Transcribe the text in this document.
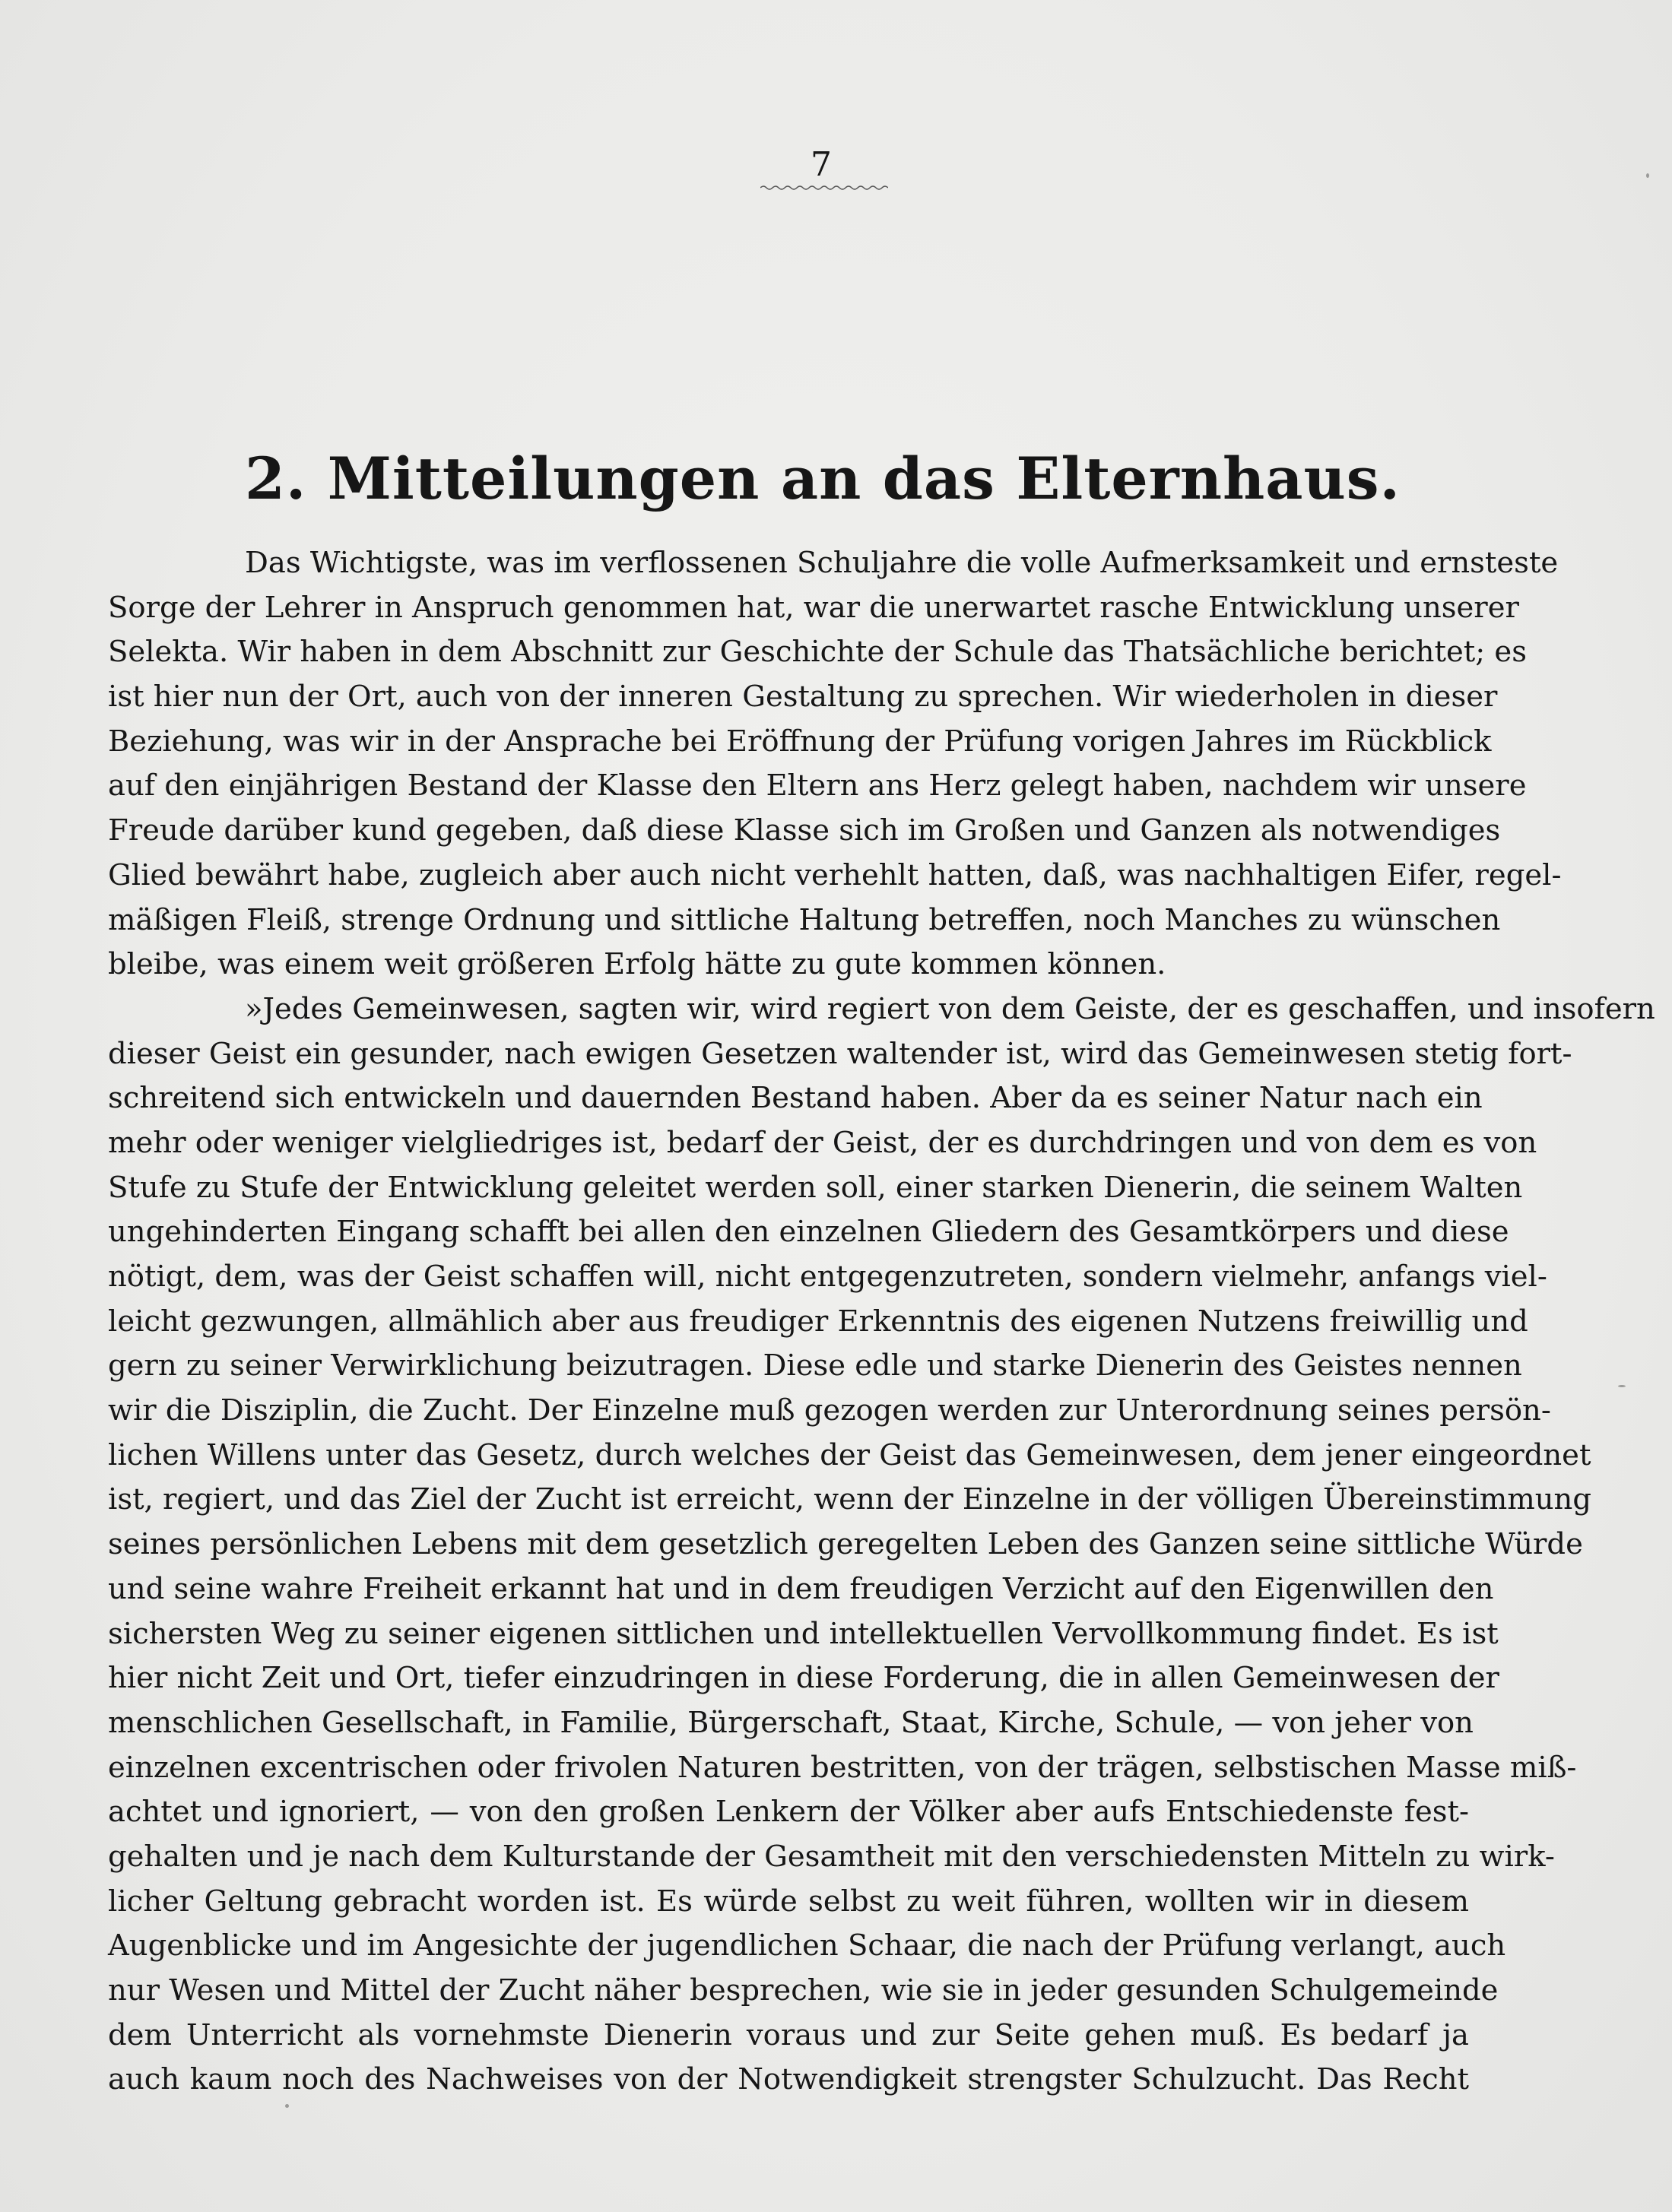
7
2. Mitteilungen an das Elternhaus.
Das Wichtigste, was im verflossenen Schuljahre die volle Aufmerksamkeit und ernsteste
Sorge der Lehrer in Anspruch genommen hat, war die unerwartet rasche Entwicklung unserer
Selekta. Wir haben in dem Abschnitt zur Geschichte der Schule das Thatsächliche berichtet; es
ist hier nun der Ort, auch von der inneren Gestaltung zu sprechen. Wir wiederholen in dieser
Beziehung, was wir in der Ansprache bei Eröffnung der Prüfung vorigen Jahres im Rückblick
auf den einjährigen Bestand der Klasse den Eltern ans Herz gelegt haben, nachdem wir unsere
Freude darüber kund gegeben, daß diese Klasse sich im Großen und Ganzen als notwendiges
Glied bewährt habe, zugleich aber auch nicht verhehlt hatten, daß, was nachhaltigen Eifer, regel-
mäßigen Fleiß, strenge Ordnung und sittliche Haltung betreffen, noch Manches zu wünschen
bleibe, was einem weit größeren Erfolg hätte zu gute kommen können.
»Jedes Gemeinwesen, sagten wir, wird regiert von dem Geiste, der es geschaffen, und insofern
dieser Geist ein gesunder, nach ewigen Gesetzen waltender ist, wird das Gemeinwesen stetig fort-
schreitend sich entwickeln und dauernden Bestand haben. Aber da es seiner Natur nach ein
mehr oder weniger vielgliedriges ist, bedarf der Geist, der es durchdringen und von dem es von
Stufe zu Stufe der Entwicklung geleitet werden soll, einer starken Dienerin, die seinem Walten
ungehinderten Eingang schafft bei allen den einzelnen Gliedern des Gesamtkörpers und diese
nötigt, dem, was der Geist schaffen will, nicht entgegenzutreten, sondern vielmehr, anfangs viel-
leicht gezwungen, allmählich aber aus freudiger Erkenntnis des eigenen Nutzens freiwillig und
gern zu seiner Verwirklichung beizutragen. Diese edle und starke Dienerin des Geistes nennen
wir die Disziplin, die Zucht. Der Einzelne muß gezogen werden zur Unterordnung seines persön-
lichen Willens unter das Gesetz, durch welches der Geist das Gemeinwesen, dem jener eingeordnet
ist, regiert, und das Ziel der Zucht ist erreicht, wenn der Einzelne in der völligen Übereinstimmung
seines persönlichen Lebens mit dem gesetzlich geregelten Leben des Ganzen seine sittliche Würde
und seine wahre Freiheit erkannt hat und in dem freudigen Verzicht auf den Eigenwillen den
sichersten Weg zu seiner eigenen sittlichen und intellektuellen Vervollkommung findet. Es ist
hier nicht Zeit und Ort, tiefer einzudringen in diese Forderung, die in allen Gemeinwesen der
menschlichen Gesellschaft, in Familie, Bürgerschaft, Staat, Kirche, Schule, — von jeher von
einzelnen excentrischen oder frivolen Naturen bestritten, von der trägen, selbstischen Masse miß-
achtet und ignoriert, — von den großen Lenkern der Völker aber aufs Entschiedenste fest-
gehalten und je nach dem Kulturstande der Gesamtheit mit den verschiedensten Mitteln zu wirk-
licher Geltung gebracht worden ist. Es würde selbst zu weit führen, wollten wir in diesem
Augenblicke und im Angesichte der jugendlichen Schaar, die nach der Prüfung verlangt, auch
nur Wesen und Mittel der Zucht näher besprechen, wie sie in jeder gesunden Schulgemeinde
dem Unterricht als vornehmste Dienerin voraus und zur Seite gehen muß. Es bedarf ja
auch kaum noch des Nachweises von der Notwendigkeit strengster Schulzucht. Das Recht
